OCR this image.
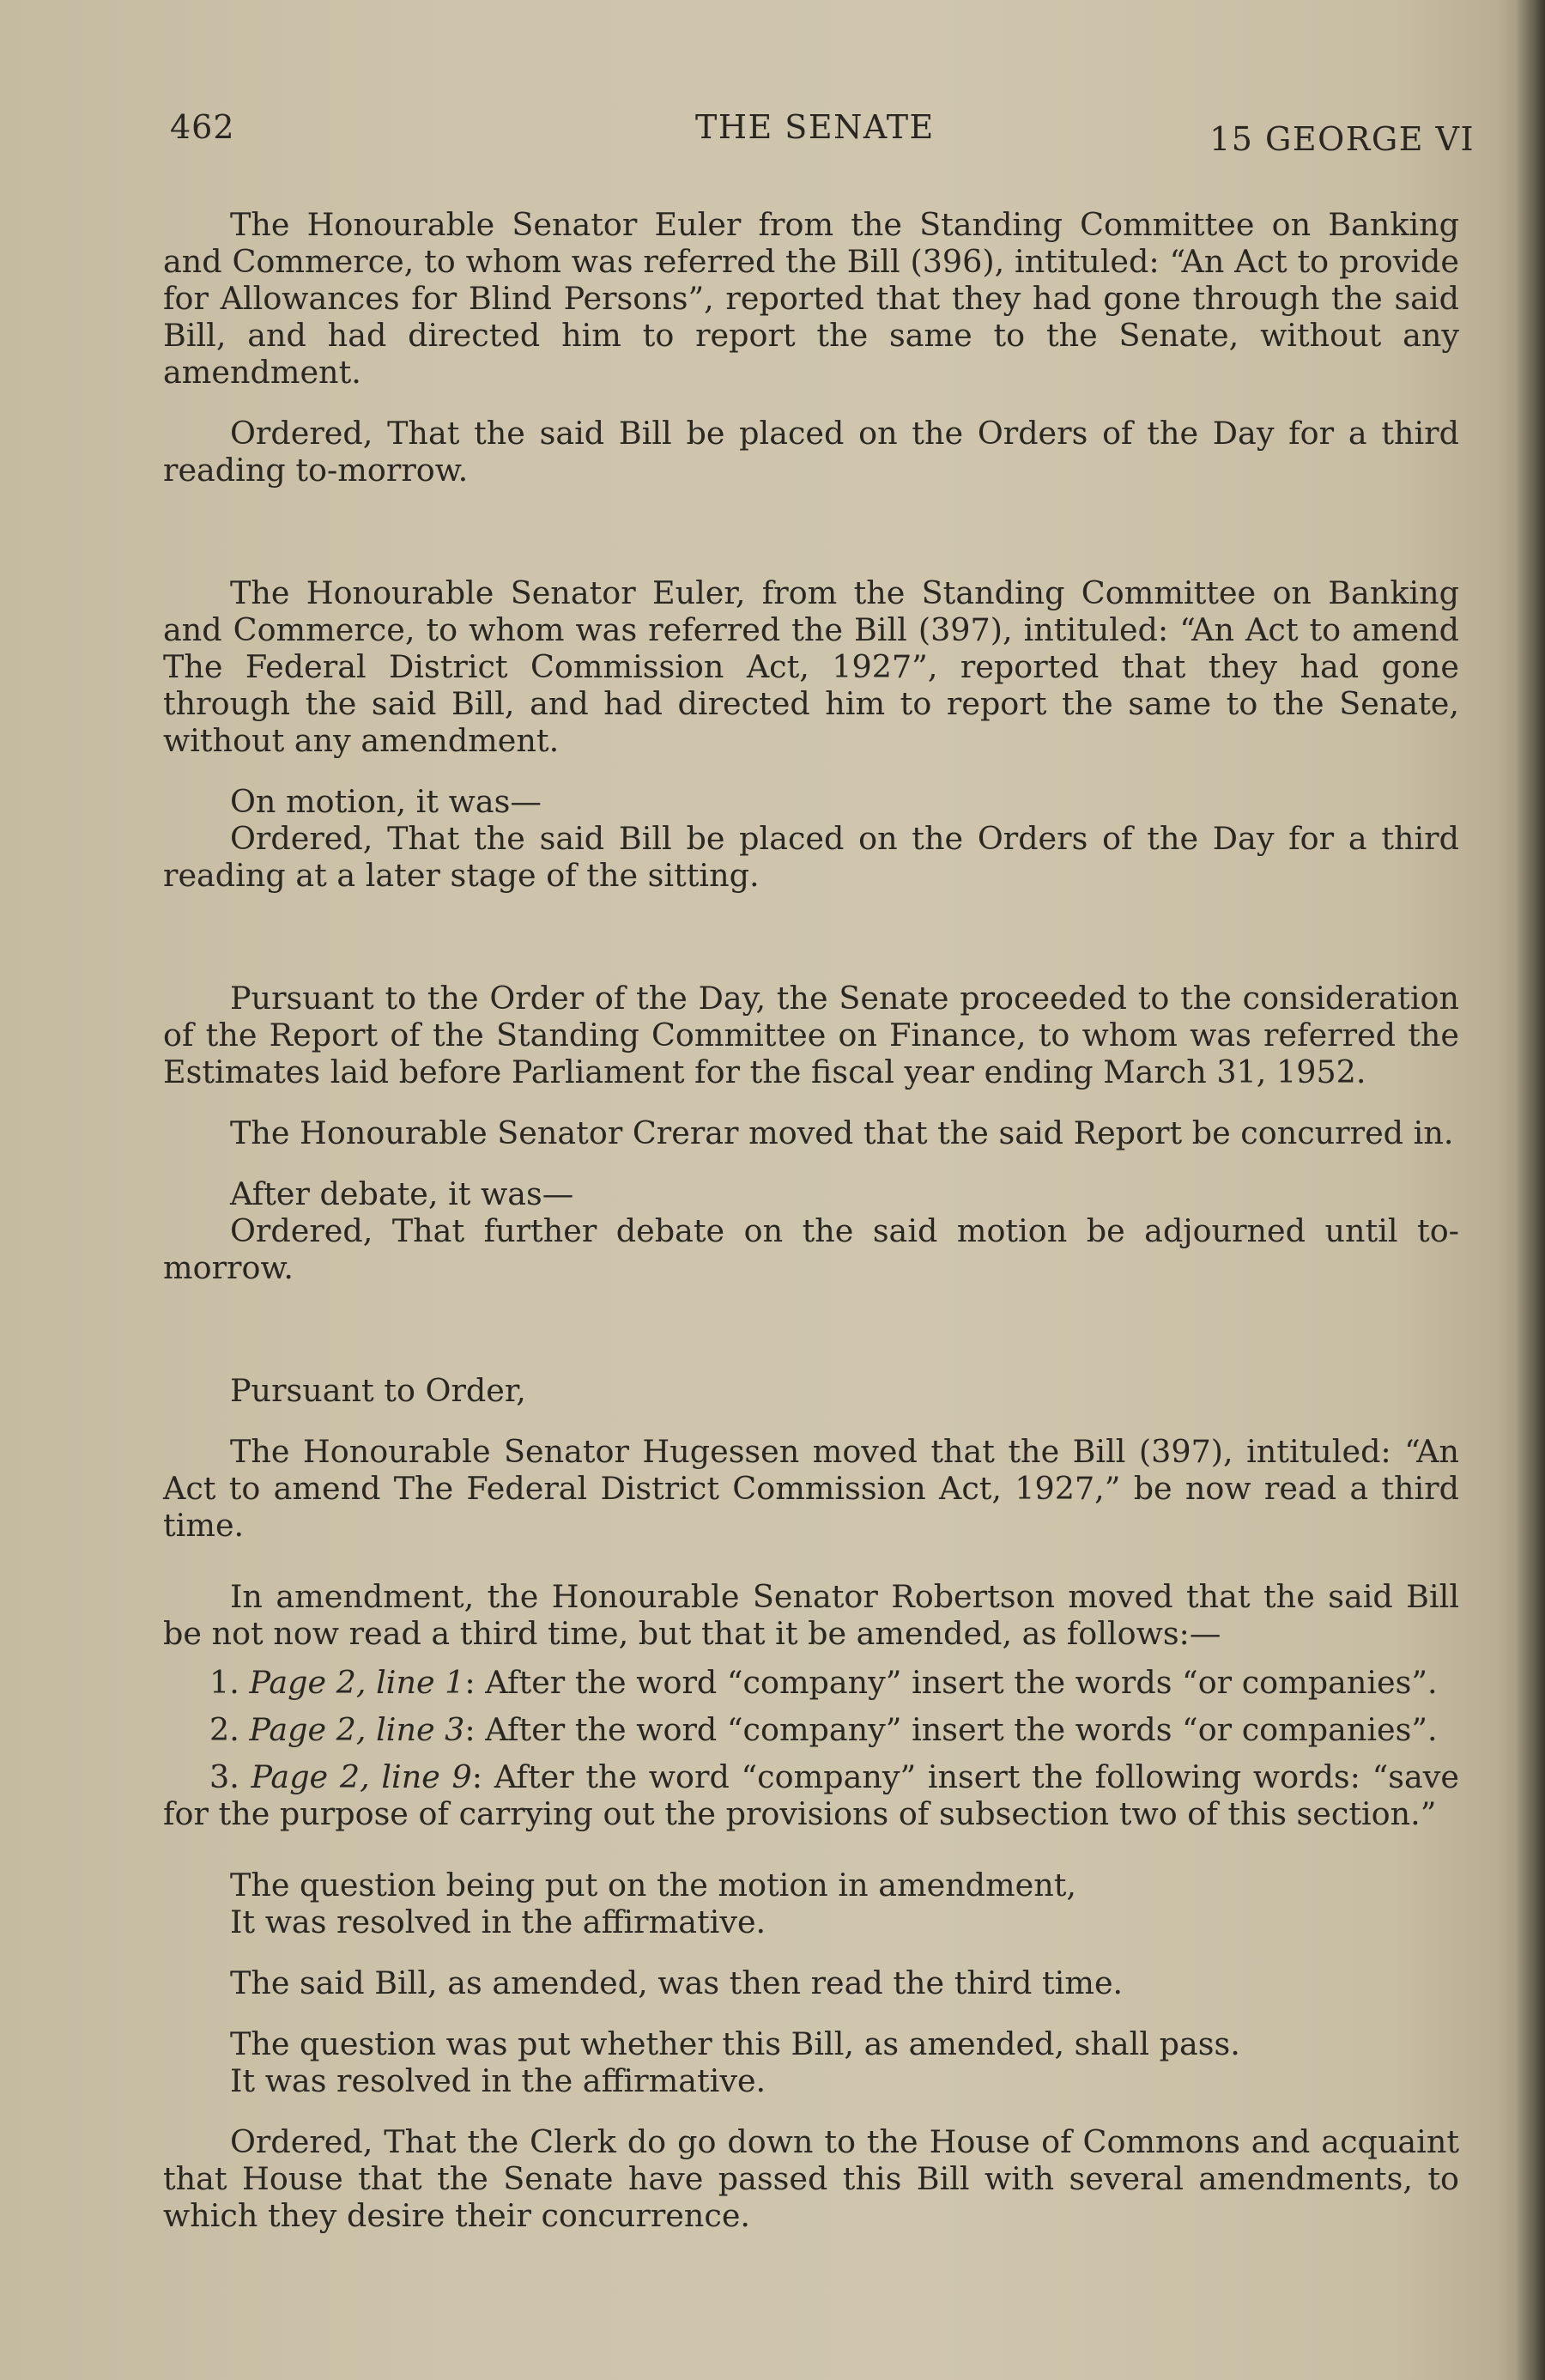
462	THE SENATE	15 GEORGE VI

The Honourable Senator Euler from the Standing Committee on Banking and Commerce, to whom was referred the Bill (396), intituled: “An Act to provide for Allowances for Blind Persons”, reported that they had gone through the said Bill, and had directed him to report the same to the Senate, without any amendment.

Ordered, That the said Bill be placed on the Orders of the Day for a third reading to-morrow.

The Honourable Senator Euler, from the Standing Committee on Banking and Commerce, to whom was referred the Bill (397), intituled: “An Act to amend The Federal District Commission Act, 1927”, reported that they had gone through the said Bill, and had directed him to report the same to the Senate, without any amendment.

On motion, it was—

Ordered, That the said Bill be placed on the Orders of the Day for a third reading at a later stage of the sitting.

Pursuant to the Order of the Day, the Senate proceeded to the consideration of the Report of the Standing Committee on Finance, to whom was referred the Estimates laid before Parliament for the fiscal year ending March 31, 1952.

The Honourable Senator Crerar moved that the said Report be concurred in.

After debate, it was—

Ordered, That further debate on the said motion be adjourned until to-morrow.

Pursuant to Order,

The Honourable Senator Hugessen moved that the Bill (397), intituled: “An Act to amend The Federal District Commission Act, 1927,” be now read a third time.

In amendment, the Honourable Senator Robertson moved that the said Bill be not now read a third time, but that it be amended, as follows:—

1. Page 2, line 1: After the word “company” insert the words “or companies”.

2. Page 2, line 3: After the word “company” insert the words “or companies”.

3. Page 2, line 9: After the word “company” insert the following words: “save for the purpose of carrying out the provisions of subsection two of this section.”

The question being put on the motion in amendment,
It was resolved in the affirmative.

The said Bill, as amended, was then read the third time.

The question was put whether this Bill, as amended, shall pass.
It was resolved in the affirmative.

Ordered, That the Clerk do go down to the House of Commons and acquaint that House that the Senate have passed this Bill with several amendments, to which they desire their concurrence.
